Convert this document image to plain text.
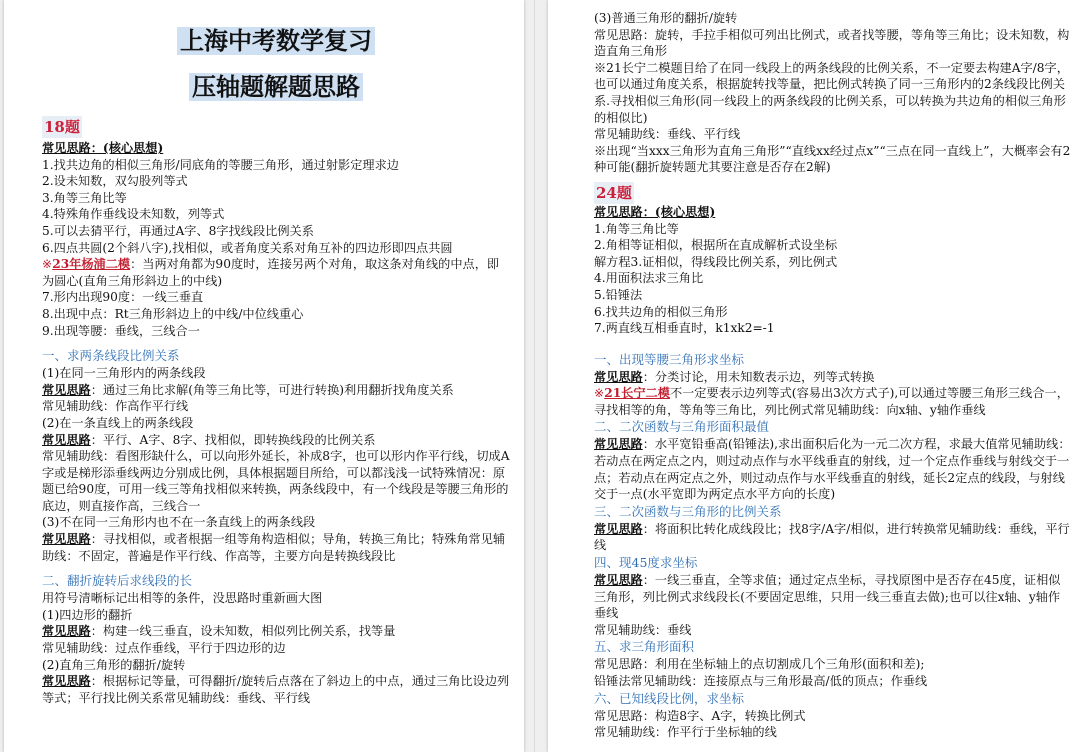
上海中考数学复习
压轴题解题思路
18题
常见思路：(核心思想)
1.找共边角的相似三角形/同底角的等腰三角形，通过射影定理求边
2.设未知数，双勾股列等式
3.角等三角比等
4.特殊角作垂线设未知数，列等式
5.可以去猜平行，再通过A字、8字找线段比例关系
6.四点共圆(2个斜八字),找相似，或者角度关系对角互补的四边形即四点共圆
※23年杨浦二模：当两对角都为90度时，连接另两个对角，取这条对角线的中点，即为圆心(直角三角形斜边上的中线)
7.形内出现90度：一线三垂直
8.出现中点：Rt三角形斜边上的中线/中位线重心
9.出现等腰：垂线，三线合一
一、求两条线段比例关系
(1)在同一三角形内的两条线段
常见思路：通过三角比求解(角等三角比等，可进行转换)利用翻折找角度关系
常见辅助线：作高作平行线
(2)在一条直线上的两条线段
常见思路：平行、A字、8字、找相似，即转换线段的比例关系
常见辅助线：看图形缺什么，可以向形外延长，补成8字，也可以形内作平行线，切成A字或是梯形添垂线两边分别成比例，具体根据题目所给，可以都浅浅一试特殊情况：原题已给90度，可用一线三等角找相似来转换，两条线段中，有一个线段是等腰三角形的底边，则直接作高，三线合一
(3)不在同一三角形内也不在一条直线上的两条线段
常见思路：寻找相似，或者根据一组等角构造相似；导角，转换三角比；特殊角常见辅助线：不固定，普遍是作平行线、作高等，主要方向是转换线段比
二、翻折旋转后求线段的长
用符号清晰标记出相等的条件，没思路时重新画大图
(1)四边形的翻折
常见思路：构建一线三垂直，设未知数，相似列比例关系，找等量
常见辅助线：过点作垂线，平行于四边形的边
(2)直角三角形的翻折/旋转
常见思路：根据标记等量，可得翻折/旋转后点落在了斜边上的中点，通过三角比设边列等式；平行找比例关系常见辅助线：垂线、平行线
(3)普通三角形的翻折/旋转
常见思路：旋转，手拉手相似可列出比例式，或者找等腰，等角等三角比；设未知数，构造直角三角形
※21长宁二模题目给了在同一线段上的两条线段的比例关系，不一定要去构建A字/8字，也可以通过角度关系，根据旋转找等量，把比例式转换了同一三角形内的2条线段比例关系.寻找相似三角形(同一线段上的两条线段的比例关系，可以转换为共边角的相似三角形的相似比)
常见辅助线：垂线、平行线
※出现“当xxx三角形为直角三角形”“直线xx经过点x”“三点在同一直线上”，大概率会有2种可能(翻折旋转题尤其要注意是否存在2解)
24题
常见思路：(核心思想)
1.角等三角比等
2.角相等证相似，根据所在直成解析式设坐标
解方程3.证相似，得线段比例关系，列比例式
4.用面积法求三角比
5.铅锤法
6.找共边角的相似三角形
7.两直线互相垂直时，k1xk2=-1
一、出现等腰三角形求坐标
常见思路：分类讨论，用未知数表示边，列等式转换
※21长宁二模不一定要表示边列等式(容易出3次方式子),可以通过等腰三角形三线合一，寻找相等的角，等角等三角比，列比例式常见辅助线：向x轴、y轴作垂线
二、二次函数与三角形面积最值
常见思路：水平宽铅垂高(铅锤法),求出面积后化为一元二次方程，求最大值常见辅助线：若动点在两定点之内，则过动点作与水平线垂直的射线，过一个定点作垂线与射线交于一点；若动点在两定点之外，则过动点作与水平线垂直的射线，延长2定点的线段，与射线交于一点(水平宽即为两定点水平方向的长度)
三、二次函数与三角形的比例关系
常见思路：将面积比转化成线段比；找8字/A字/相似，进行转换常见辅助线：垂线，平行线
四、现45度求坐标
常见思路：一线三垂直，全等求值；通过定点坐标，寻找原图中是否存在45度，证相似三角形，列比例式求线段长(不要固定思维，只用一线三垂直去做);也可以往x轴、y轴作垂线
常见辅助线：垂线
五、求三角形面积
常见思路：利用在坐标轴上的点切割成几个三角形(面积和差);
铅锤法常见辅助线：连接原点与三角形最高/低的顶点；作垂线
六、已知线段比例，求坐标
常见思路：构造8字、A字，转换比例式
常见辅助线：作平行于坐标轴的线
